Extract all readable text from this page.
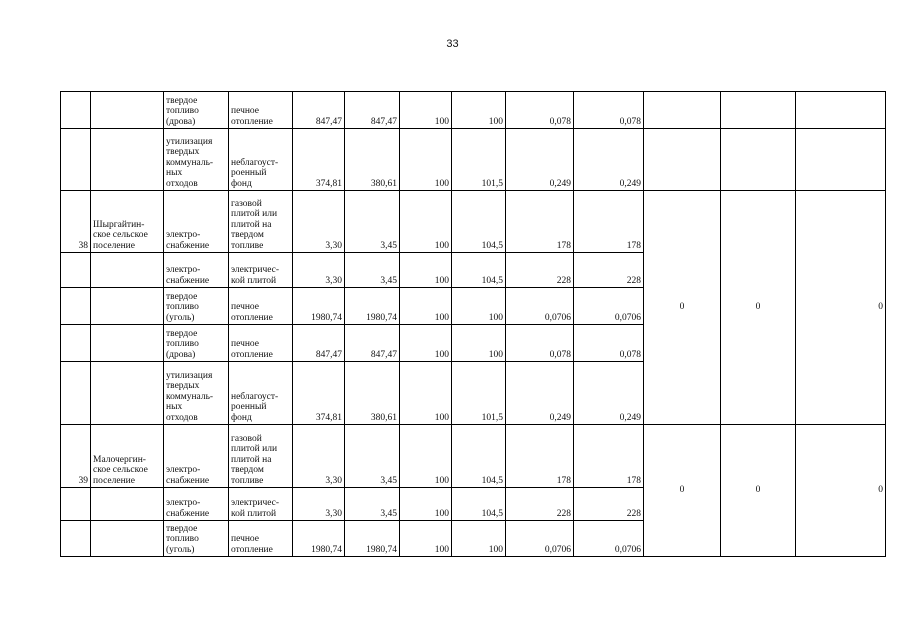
33
		твердое
топливо
(дрова)	печное
отопление	847,47	847,47	100	100	0,078	0,078			
		утилизация
твердых
коммуналь-
ных
отходов	неблагоуст-
роенный
фонд	374,81	380,61	100	101,5	0,249	0,249			
38	Шыргайтин-
ское сельское
поселение	электро-
снабжение	газовой
плитой или
плитой на
твердом
топливе	3,30	3,45	100	104,5	178	178	0	0	0
		электро-
снабжение	электричес-
кой плитой	3,30	3,45	100	104,5	228	228			
		твердое
топливо
(уголь)	печное
отопление	1980,74	1980,74	100	100	0,0706	0,0706			
		твердое
топливо
(дрова)	печное
отопление	847,47	847,47	100	100	0,078	0,078			
		утилизация
твердых
коммуналь-
ных
отходов	неблагоуст-
роенный
фонд	374,81	380,61	100	101,5	0,249	0,249			
39	Малочергин-
ское сельское
поселение	электро-
снабжение	газовой
плитой или
плитой на
твердом
топливе	3,30	3,45	100	104,5	178	178	0	0	0
		электро-
снабжение	электричес-
кой плитой	3,30	3,45	100	104,5	228	228			
		твердое
топливо
(уголь)	печное
отопление	1980,74	1980,74	100	100	0,0706	0,0706			
